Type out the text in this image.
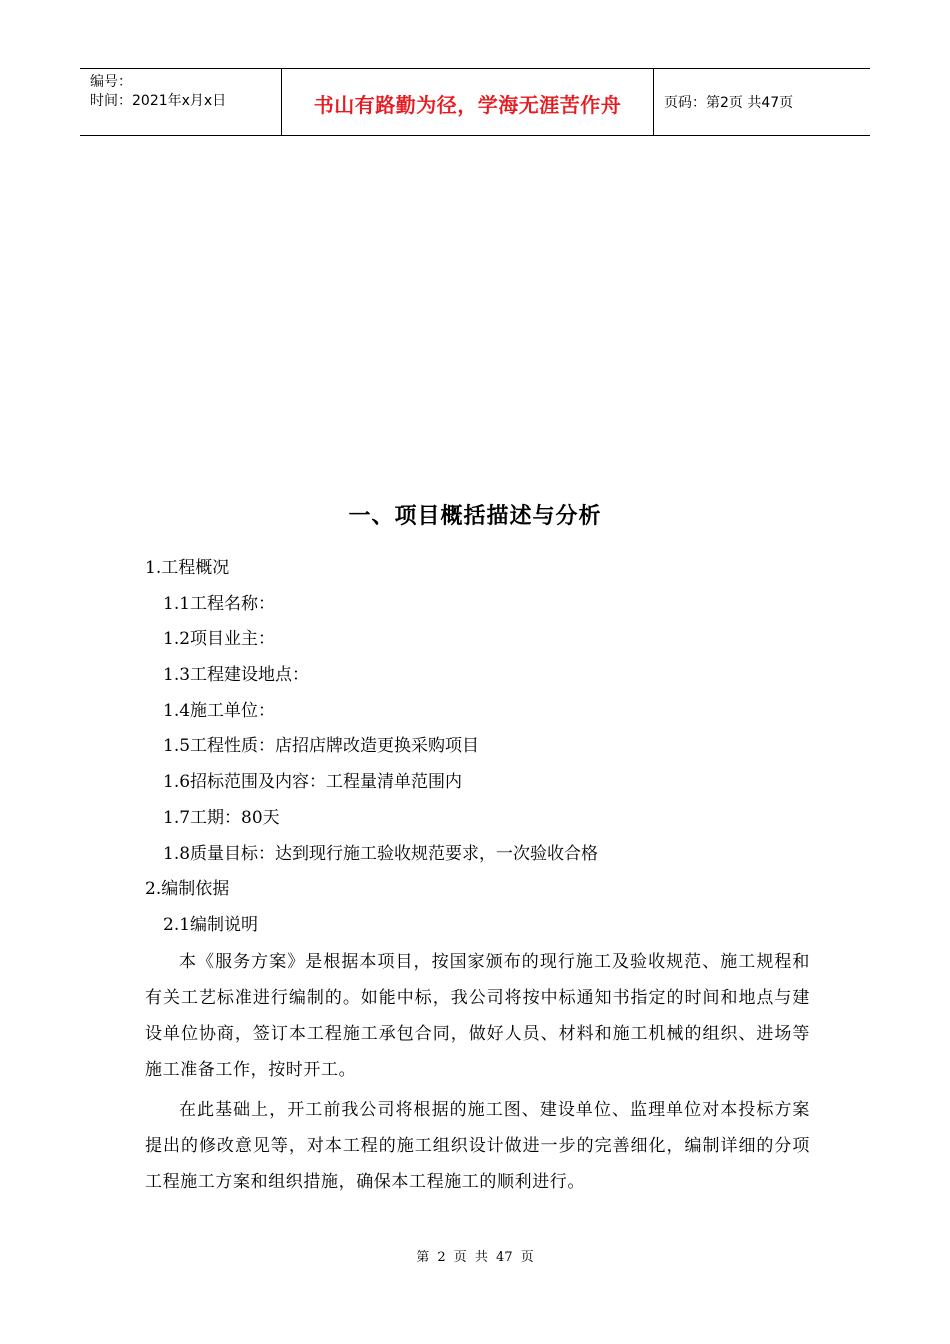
编号：
时间：2021年x月x日	书山有路勤为径，学海无涯苦作舟	页码：第2页 共47页
一、项目概括描述与分析
1.工程概况
1.1工程名称：
1.2项目业主：
1.3工程建设地点：
1.4施工单位：
1.5工程性质：店招店牌改造更换采购项目
1.6招标范围及内容：工程量清单范围内
1.7工期：80天
1.8质量目标：达到现行施工验收规范要求，一次验收合格
2.编制依据
2.1编制说明
本《服务方案》是根据本项目，按国家颁布的现行施工及验收规范、施工规程和有关工艺标准进行编制的。如能中标，我公司将按中标通知书指定的时间和地点与建设单位协商，签订本工程施工承包合同，做好人员、材料和施工机械的组织、进场等施工准备工作，按时开工。
在此基础上，开工前我公司将根据的施工图、建设单位、监理单位对本投标方案提出的修改意见等，对本工程的施工组织设计做进一步的完善细化，编制详细的分项工程施工方案和组织措施，确保本工程施工的顺利进行。
第 2 页 共 47 页
